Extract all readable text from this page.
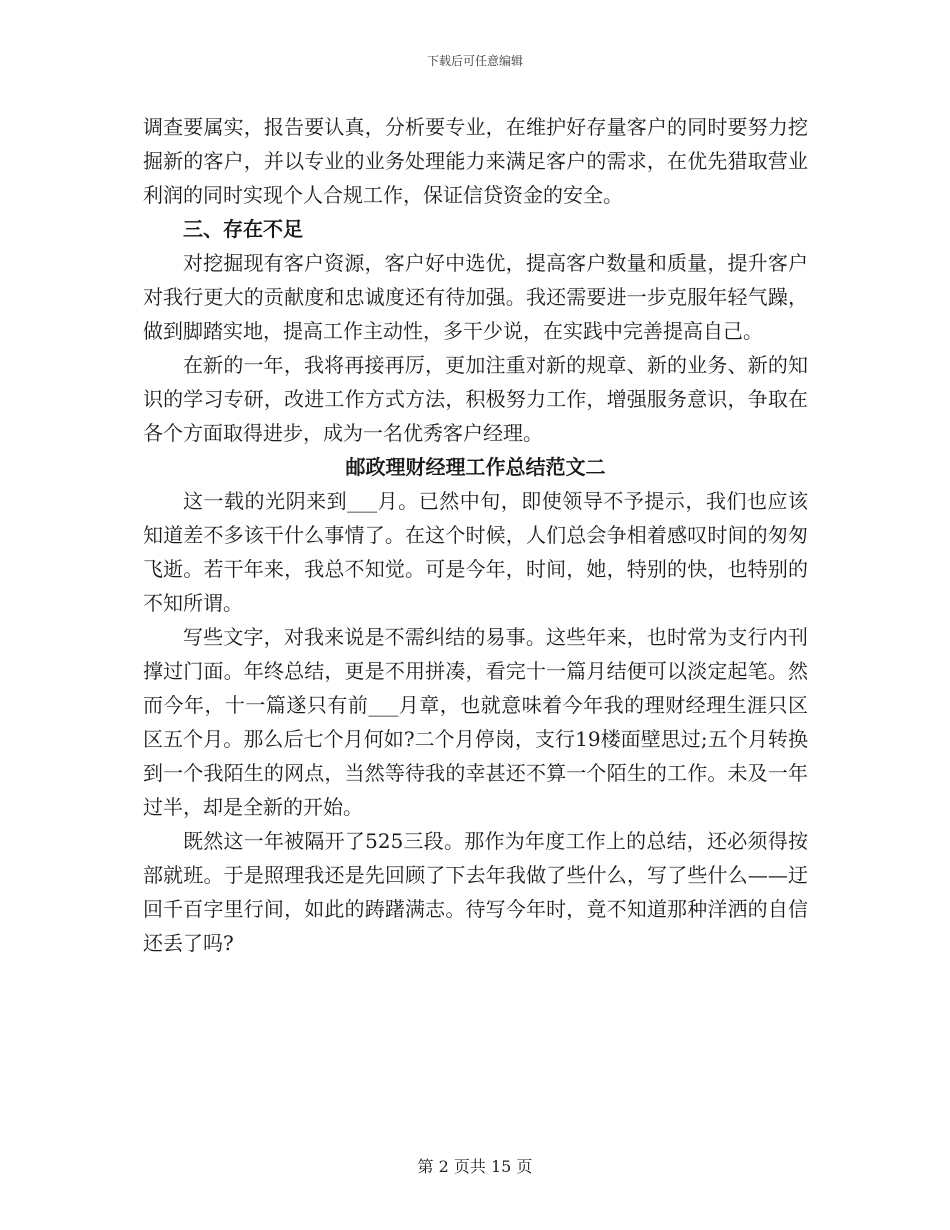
下载后可任意编辑

调查要属实，报告要认真，分析要专业，在维护好存量客户的同时要努力挖掘新的客户，并以专业的业务处理能力来满足客户的需求，在优先猎取营业利润的同时实现个人合规工作，保证信贷资金的安全。

三、存在不足

对挖掘现有客户资源，客户好中选优，提高客户数量和质量，提升客户对我行更大的贡献度和忠诚度还有待加强。我还需要进一步克服年轻气躁，做到脚踏实地，提高工作主动性，多干少说，在实践中完善提高自己。

在新的一年，我将再接再厉，更加注重对新的规章、新的业务、新的知识的学习专研，改进工作方式方法，积极努力工作，增强服务意识，争取在各个方面取得进步，成为一名优秀客户经理。

邮政理财经理工作总结范文二

这一载的光阴来到___月。已然中旬，即使领导不予提示，我们也应该知道差不多该干什么事情了。在这个时候，人们总会争相着感叹时间的匆匆飞逝。若干年来，我总不知觉。可是今年，时间，她，特别的快，也特别的不知所谓。

写些文字，对我来说是不需纠结的易事。这些年来，也时常为支行内刊撑过门面。年终总结，更是不用拼凑，看完十一篇月结便可以淡定起笔。然而今年，十一篇遂只有前___月章，也就意味着今年我的理财经理生涯只区区五个月。那么后七个月何如?二个月停岗，支行19楼面壁思过;五个月转换到一个我陌生的网点，当然等待我的幸甚还不算一个陌生的工作。未及一年过半，却是全新的开始。

既然这一年被隔开了525三段。那作为年度工作上的总结，还必须得按部就班。于是照理我还是先回顾了下去年我做了些什么，写了些什么——迂回千百字里行间，如此的踌躇满志。待写今年时，竟不知道那种洋洒的自信还丢了吗?

第 2 页共 15 页
